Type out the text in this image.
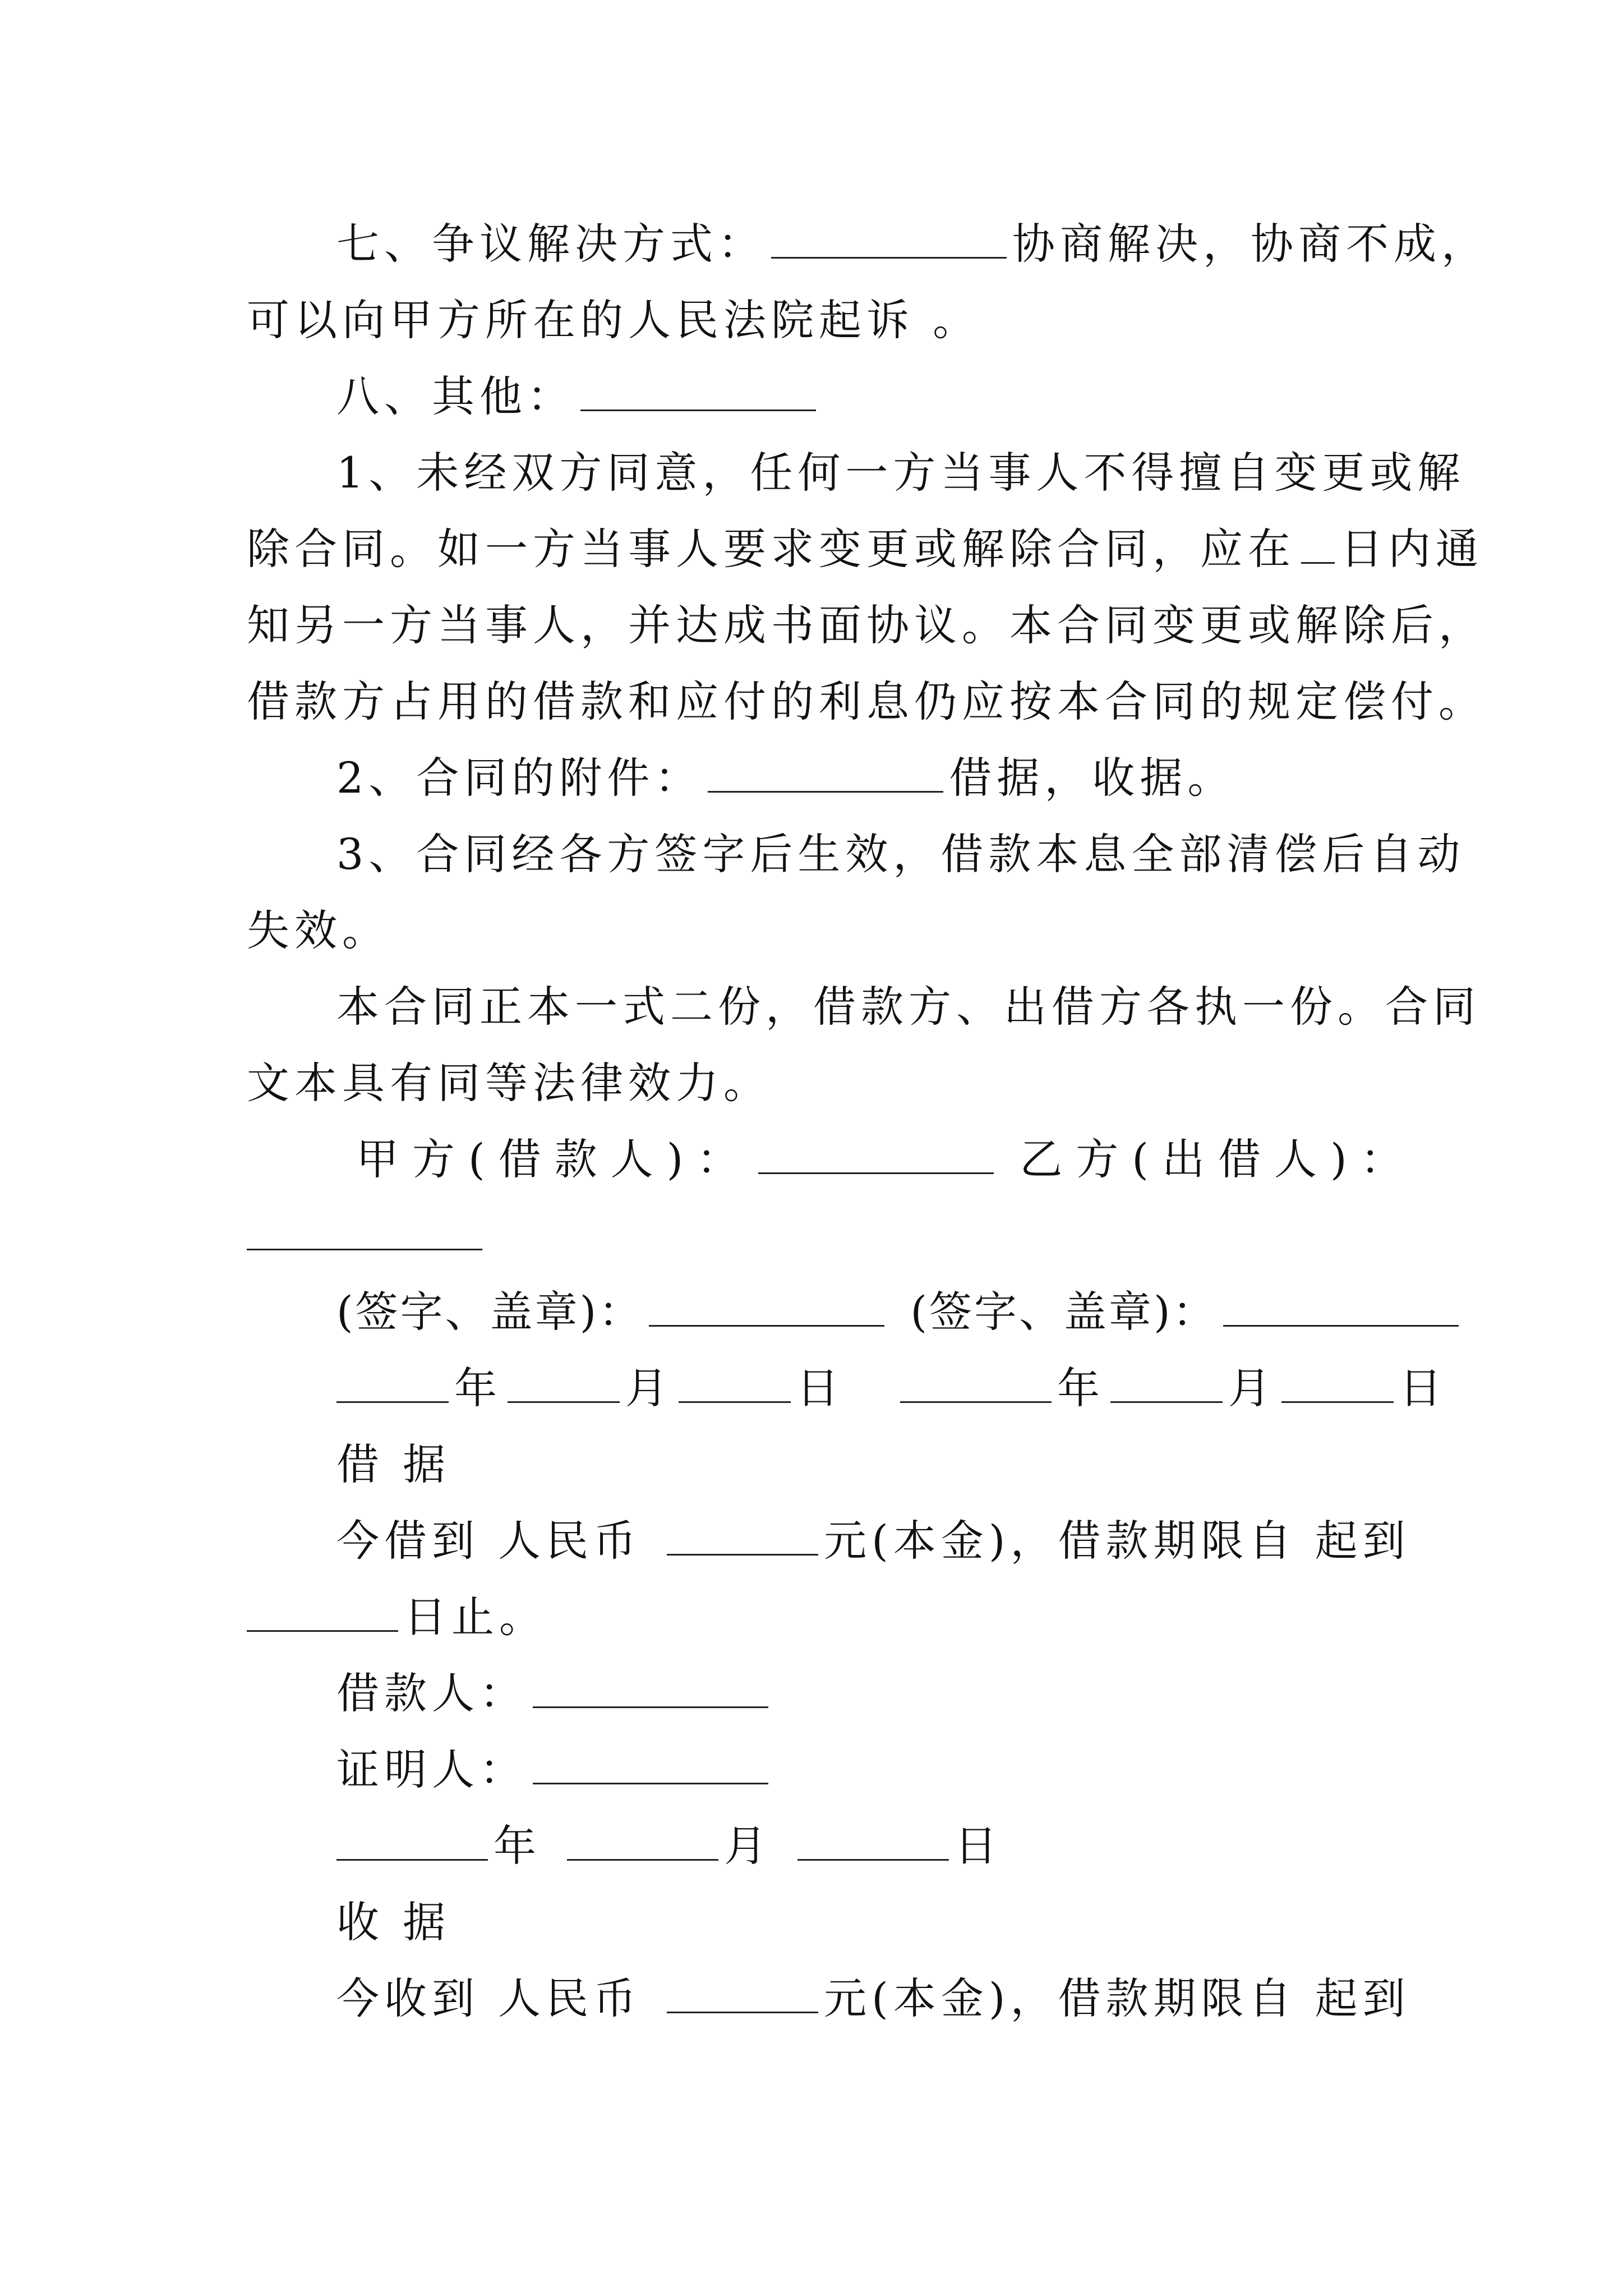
七、争议解决方式：	协商解决，协商不成，
可以向甲方所在的人民法院起诉 。
八、其他：
1、未经双方同意，任何一方当事人不得擅自变更或解
除合同。如一方当事人要求变更或解除合同，应在 日内通
知另一方当事人，并达成书面协议。本合同变更或解除后，
借款方占用的借款和应付的利息仍应按本合同的规定偿付。
2、合同的附件：	借据，收据。
3、合同经各方签字后生效，借款本息全部清偿后自动
失效。
本合同正本一式二份，借款方、出借方各执一份。合同
文本具有同等法律效力。
甲方(借款人)：	乙方(出借人)：
(签字、盖章)：	(签字、盖章)：
年	月	日	年	月	日
借 据
今借到 人民币	元(本金)，借款期限自 起到
日止。
借款人：
证明人：
年	月	日
收 据
今收到 人民币	元(本金)，借款期限自 起到
